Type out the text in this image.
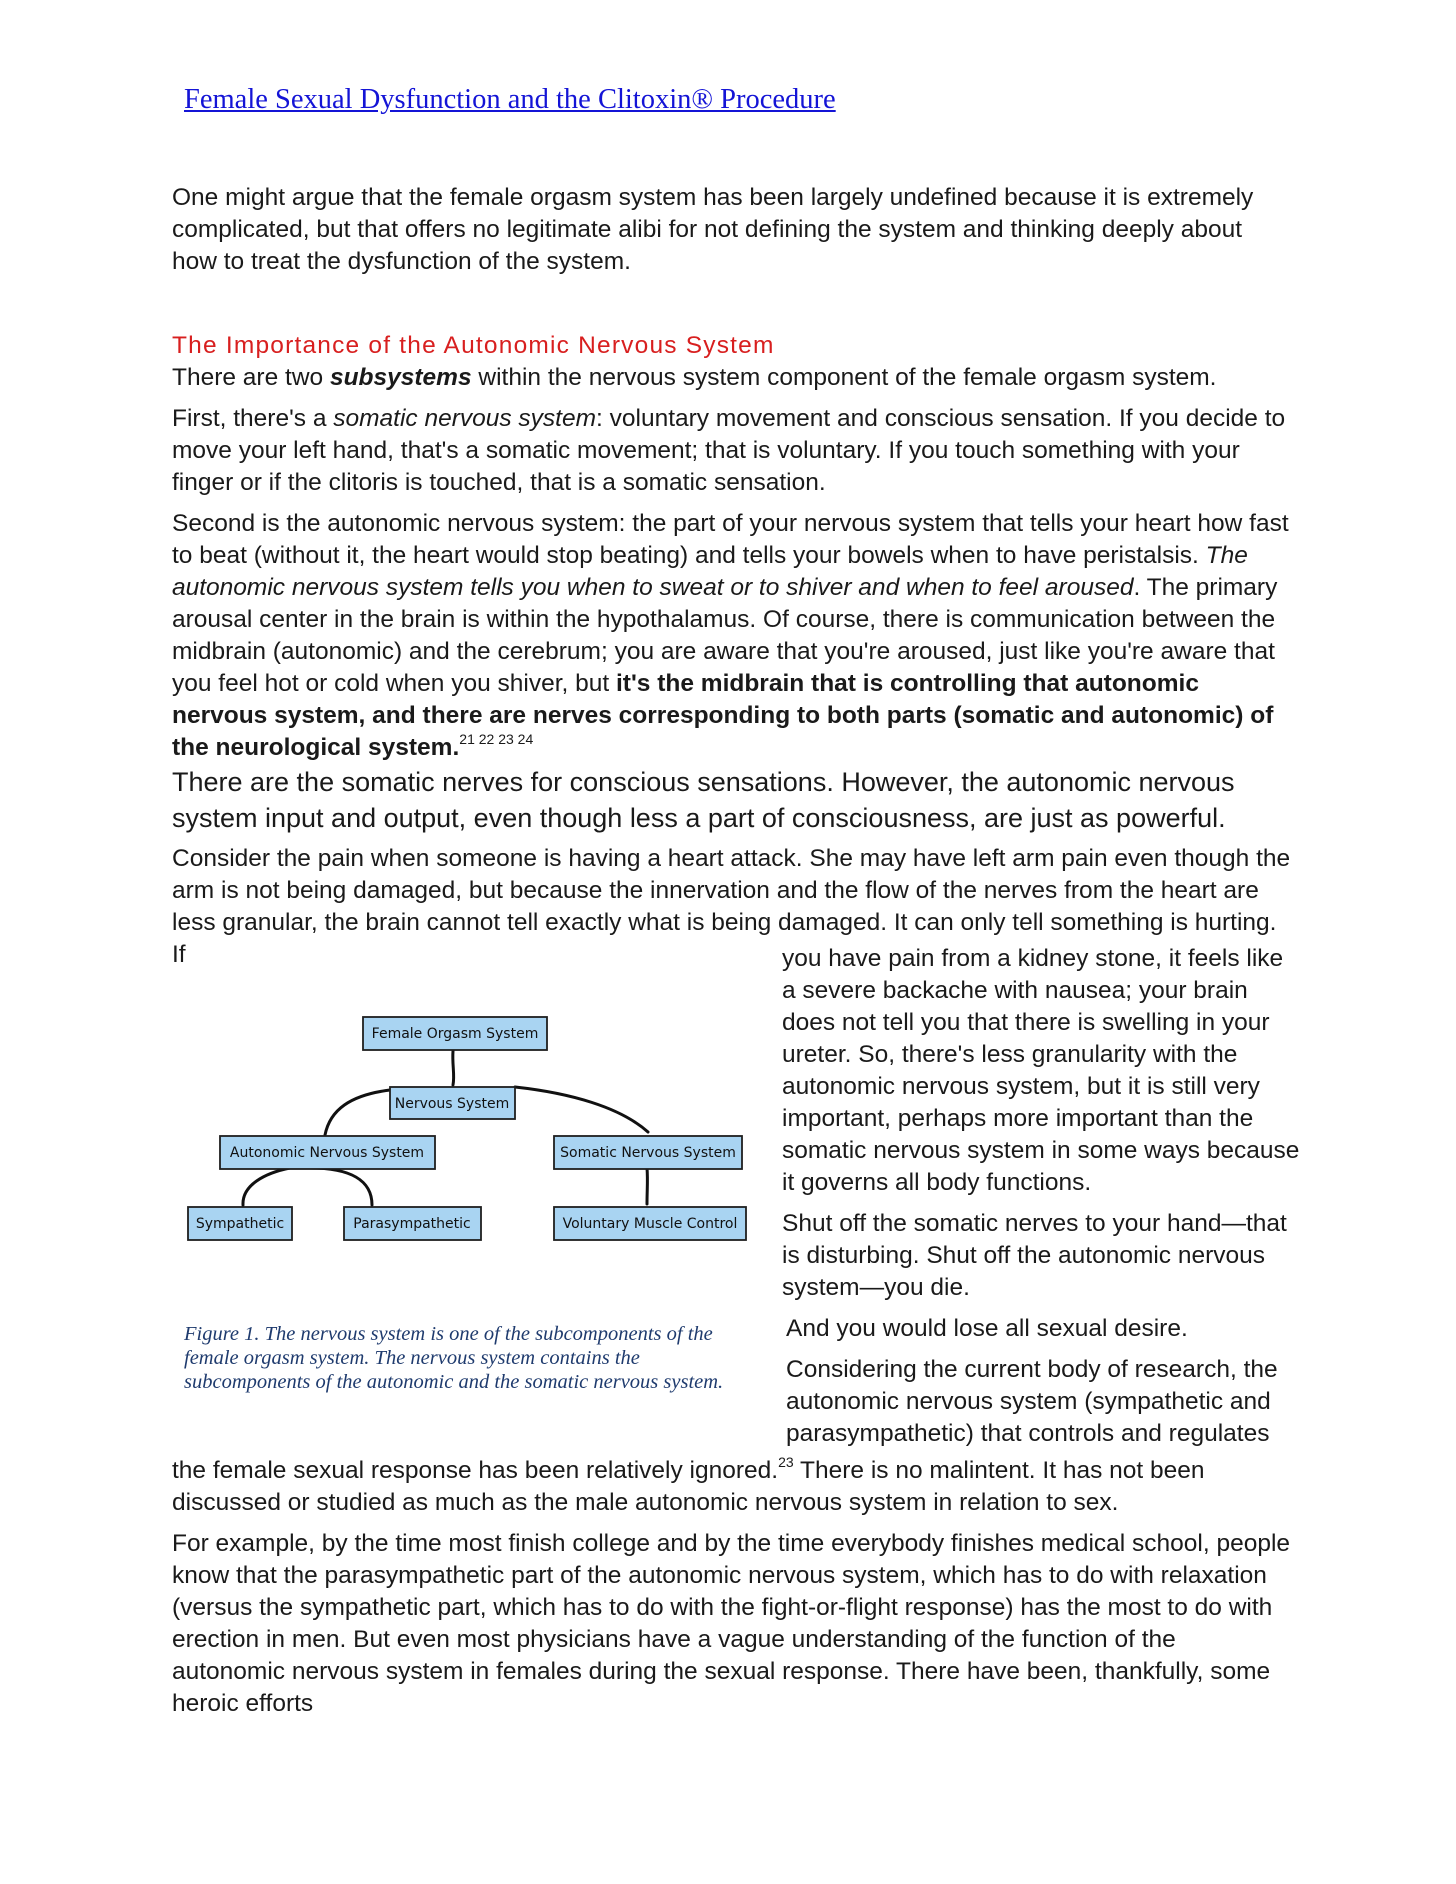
Female Sexual Dysfunction and the Clitoxin® Procedure

One might argue that the female orgasm system has been largely undefined because it is extremely complicated, but that offers no legitimate alibi for not defining the system and thinking deeply about how to treat the dysfunction of the system.

The Importance of the Autonomic Nervous System

There are two subsystems within the nervous system component of the female orgasm system.

First, there's a somatic nervous system: voluntary movement and conscious sensation. If you decide to move your left hand, that's a somatic movement; that is voluntary. If you touch something with your finger or if the clitoris is touched, that is a somatic sensation.

Second is the autonomic nervous system: the part of your nervous system that tells your heart how fast to beat (without it, the heart would stop beating) and tells your bowels when to have peristalsis. The autonomic nervous system tells you when to sweat or to shiver and when to feel aroused. The primary arousal center in the brain is within the hypothalamus. Of course, there is communication between the midbrain (autonomic) and the cerebrum; you are aware that you're aroused, just like you're aware that you feel hot or cold when you shiver, but it's the midbrain that is controlling that autonomic nervous system, and there are nerves corresponding to both parts (somatic and autonomic) of the neurological system.$^{21 22 23 24}$

There are the somatic nerves for conscious sensations. However, the autonomic nervous system input and output, even though less a part of consciousness, are just as powerful.

Consider the pain when someone is having a heart attack. She may have left arm pain even though the arm is not being damaged, but because the innervation and the flow of the nerves from the heart are less granular, the brain cannot tell exactly what is being damaged. It can only tell something is hurting. If	you have pain from a kidney stone, it feels like a severe backache with nausea; your brain does not tell you that there is swelling in your ureter. So, there's less granularity with the autonomic nervous system, but it is still very important, perhaps more important than the somatic nervous system in some ways because it governs all body functions.

Shut off the somatic nerves to your hand—that is disturbing. Shut off the autonomic nervous system—you die.

And you would lose all sexual desire.

Considering the current body of research, the autonomic nervous system (sympathetic and parasympathetic) that controls and regulates

Female Orgasm System
Nervous System
Autonomic Nervous System	Somatic Nervous System
Sympathetic	Parasympathetic	Voluntary Muscle Control
Figure 1. The nervous system is one of the subcomponents of the female orgasm system. The nervous system contains the subcomponents of the autonomic and the somatic nervous system.

the female sexual response has been relatively ignored.$^{23}$ There is no malintent. It has not been discussed or studied as much as the male autonomic nervous system in relation to sex.

For example, by the time most finish college and by the time everybody finishes medical school, people know that the parasympathetic part of the autonomic nervous system, which has to do with relaxation (versus the sympathetic part, which has to do with the fight-or-flight response) has the most to do with erection in men. But even most physicians have a vague understanding of the function of the autonomic nervous system in females during the sexual response. There have been, thankfully, some heroic efforts
